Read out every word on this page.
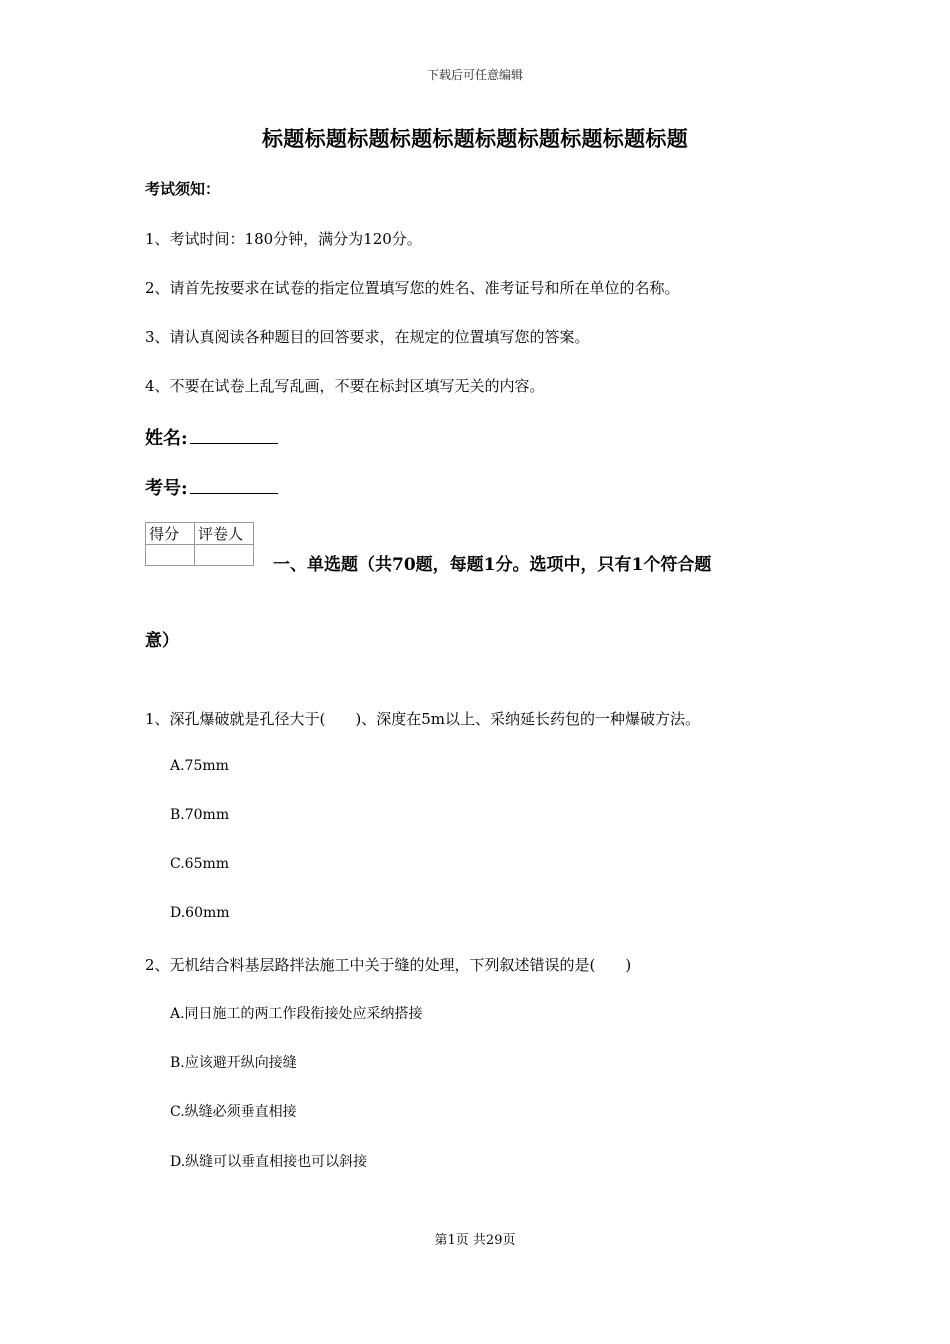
下载后可任意编辑
标题标题标题标题标题标题标题标题标题标题
考试须知：
1、考试时间：180分钟，满分为120分。
2、请首先按要求在试卷的指定位置填写您的姓名、准考证号和所在单位的名称。
3、请认真阅读各种题目的回答要求，在规定的位置填写您的答案。
4、不要在试卷上乱写乱画，不要在标封区填写无关的内容。
姓名:
考号:
得分	评卷人

一、单选题（共70题，每题1分。选项中，只有1个符合题
意）
1、深孔爆破就是孔径大于(　　)、深度在5m以上、采纳延长药包的一种爆破方法。
A.75mm
B.70mm
C.65mm
D.60mm
2、无机结合料基层路拌法施工中关于缝的处理，下列叙述错误的是(　　)
A.同日施工的两工作段衔接处应采纳搭接
B.应该避开纵向接缝
C.纵缝必须垂直相接
D.纵缝可以垂直相接也可以斜接
第1页 共29页
